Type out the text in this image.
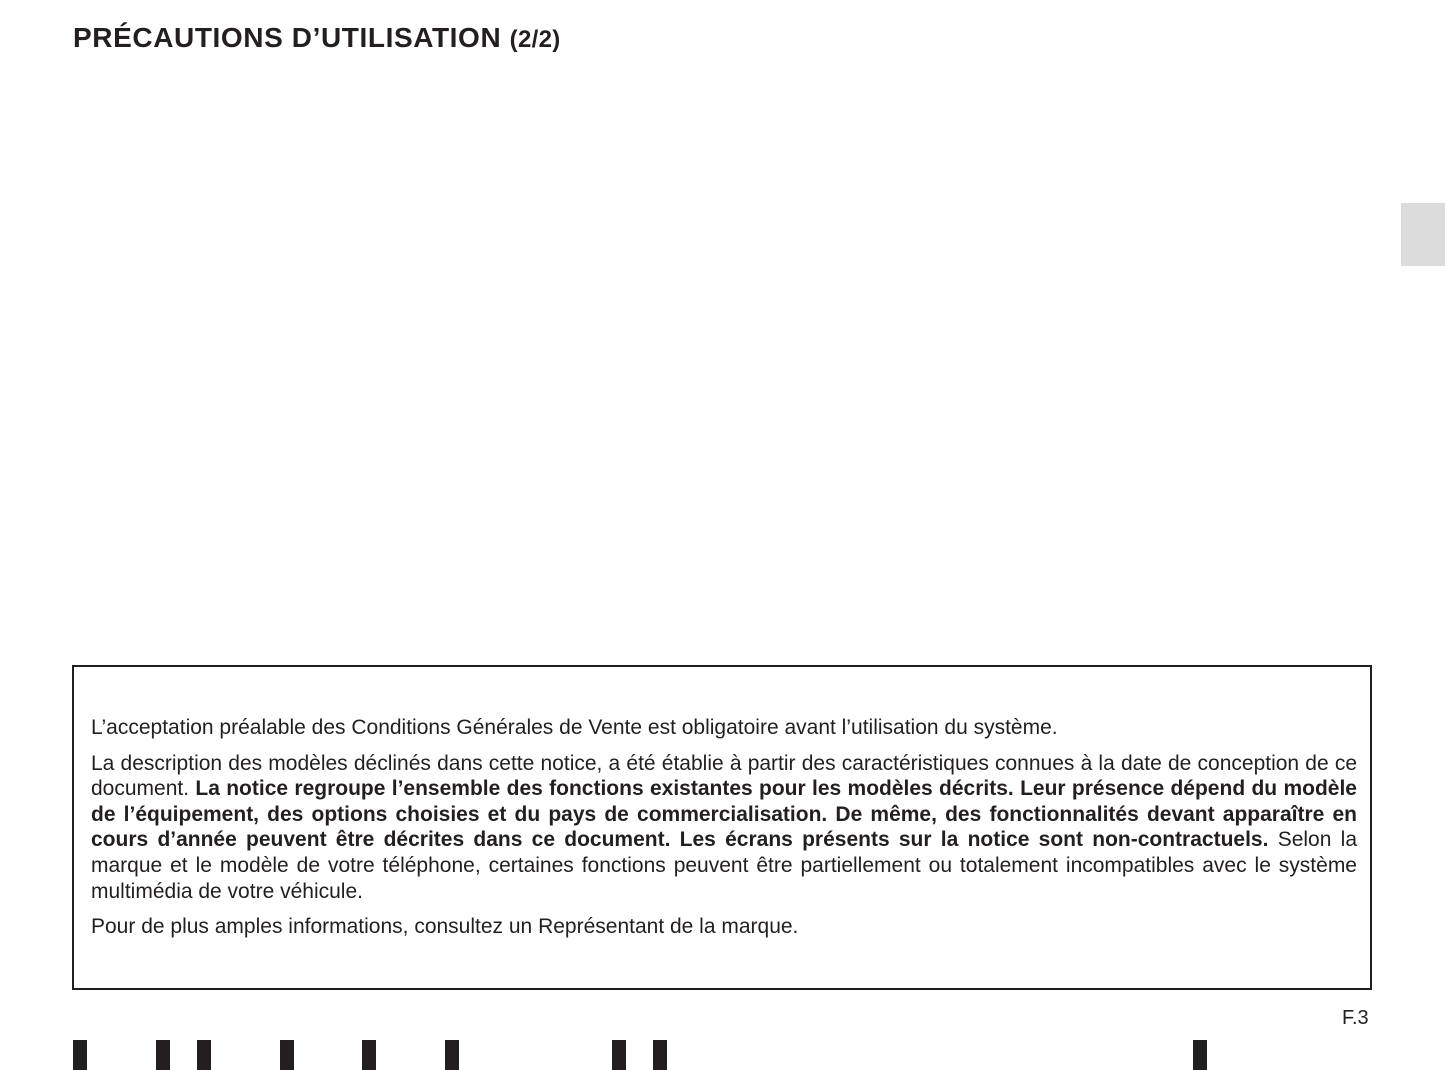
PRÉCAUTIONS D’UTILISATION (2/2)

L’acceptation préalable des Conditions Générales de Vente est obligatoire avant l’utilisation du système.

La description des modèles déclinés dans cette notice, a été établie à partir des caractéristiques connues à la date de conception de ce document. La notice regroupe l’ensemble des fonctions existantes pour les modèles décrits. Leur présence dépend du modèle de l’équipement, des options choisies et du pays de commercialisation. De même, des fonctionnalités devant apparaître en cours d’année peuvent être décrites dans ce document. Les écrans présents sur la notice sont non-contractuels. Selon la marque et le modèle de votre téléphone, certaines fonctions peuvent être partiellement ou totalement incompatibles avec le système multimédia de votre véhicule.

Pour de plus amples informations, consultez un Représentant de la marque.

F.3
